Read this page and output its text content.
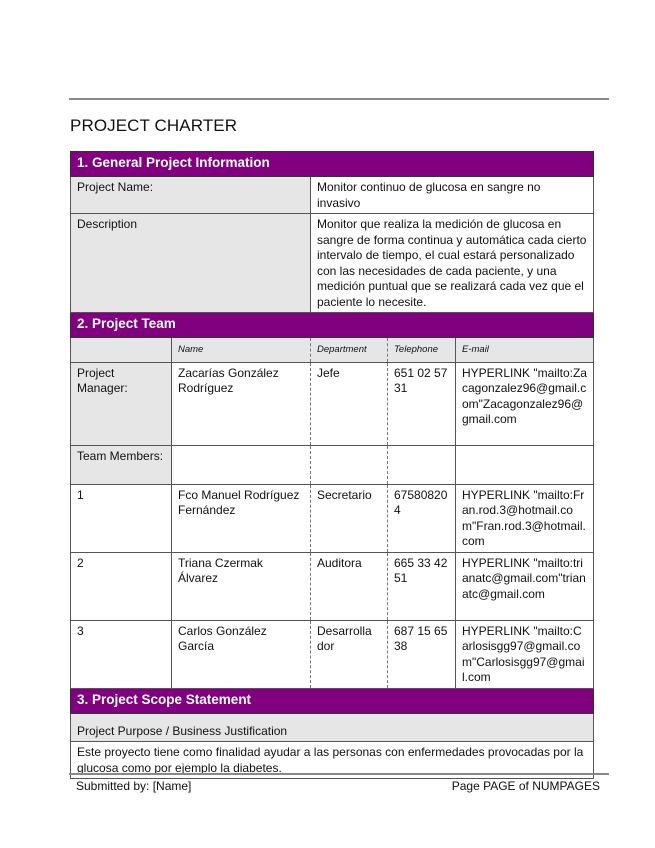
PROJECT CHARTER
1. General Project Information				
Project Name:		Monitor continuo de glucosa en sangre no invasivo		
Description		Monitor que realiza la medición de glucosa en sangre de forma continua y automática cada cierto intervalo de tiempo, el cual estará personalizado con las necesidades de cada paciente, y una medición puntual que se realizará cada vez que el paciente lo necesite.		
2. Project Team				
	Name	Department	Telephone	E-mail
Project Manager:	Zacarías González Rodríguez	Jefe	651 02 57 31	HYPERLINK "mailto:Zacagonzalez96@gmail.com"Zacagonzalez96@gmail.com
Team Members:				
1	Fco Manuel Rodríguez Fernández	Secretario	675808204	HYPERLINK "mailto:Fran.rod.3@hotmail.com"Fran.rod.3@hotmail.com
2	Triana Czermak Álvarez	Auditora	665 33 42 51	HYPERLINK "mailto:trianatc@gmail.com"trianatc@gmail.com
3	Carlos González García	Desarrolla dor	687 15 65 38	HYPERLINK "mailto:Carlosisgg97@gmail.com"Carlosisgg97@gmail.com
3. Project Scope Statement				
Project Purpose / Business Justification				
Este proyecto tiene como finalidad ayudar a las personas con enfermedades provocadas por la glucosa como por ejemplo la diabetes.				
Submitted by: [Name]	Page PAGE of NUMPAGES
